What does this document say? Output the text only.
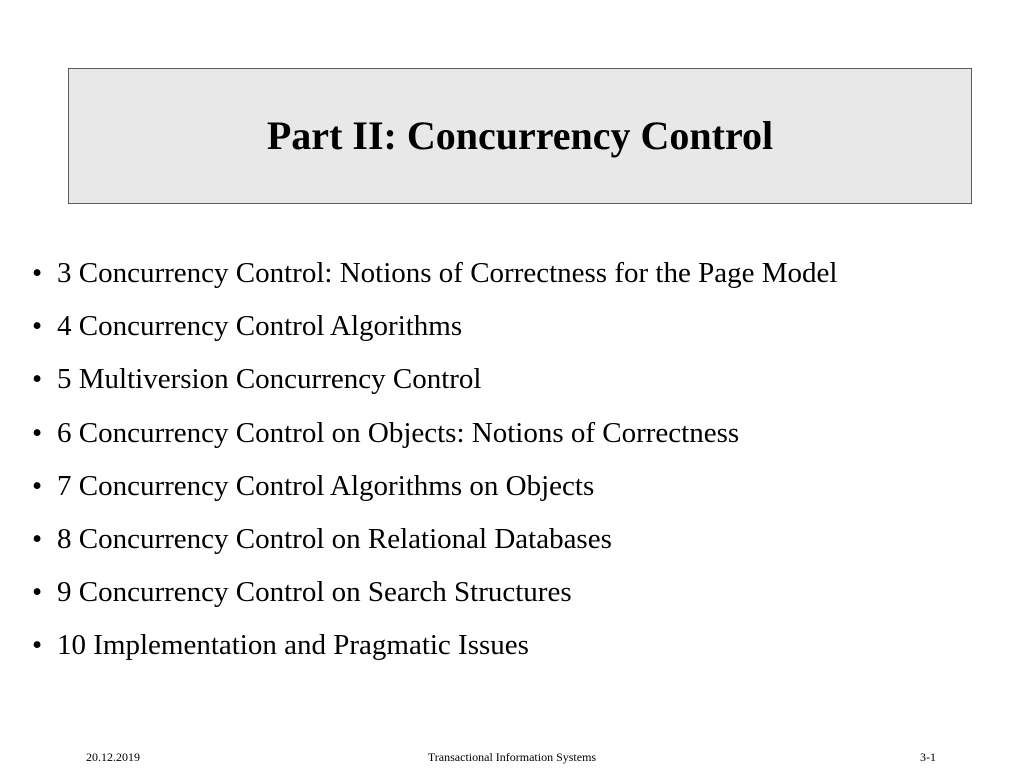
Part II: Concurrency Control
• 3 Concurrency Control: Notions of Correctness for the Page Model
• 4 Concurrency Control Algorithms
• 5 Multiversion Concurrency Control
• 6 Concurrency Control on Objects: Notions of Correctness
• 7 Concurrency Control Algorithms on Objects
• 8 Concurrency Control on Relational Databases
• 9 Concurrency Control on Search Structures
• 10 Implementation and Pragmatic Issues
20.12.2019	Transactional Information Systems	3-1
